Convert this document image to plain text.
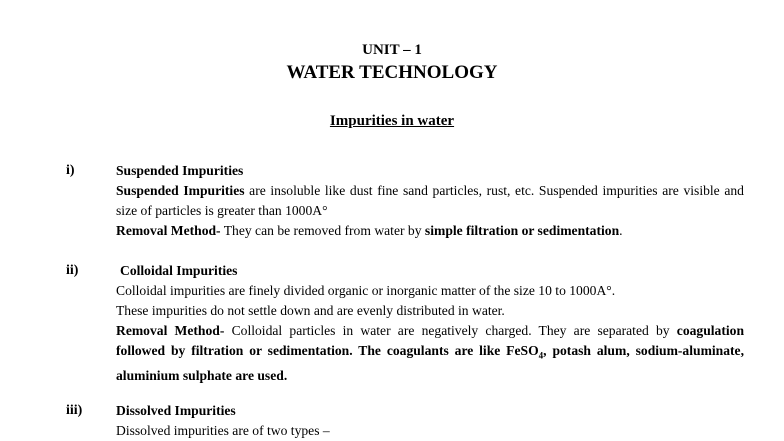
UNIT – 1
WATER TECHNOLOGY
Impurities in water
i)	Suspended Impurities

Suspended Impurities are insoluble like dust fine sand particles, rust, etc. Suspended impurities are visible and size of particles is greater than 1000A°

Removal Method- They can be removed from water by simple filtration or sedimentation.

ii)	Colloidal Impurities

Colloidal impurities are finely divided organic or inorganic matter of the size 10 to 1000A°.

These impurities do not settle down and are evenly distributed in water.

Removal Method- Colloidal particles in water are negatively charged. They are separated by coagulation followed by filtration or sedimentation. The coagulants are like FeSO$_4$, potash alum, sodium-aluminate, aluminium sulphate are used.

iii) Dissolved Impurities

Dissolved impurities are of two types –
